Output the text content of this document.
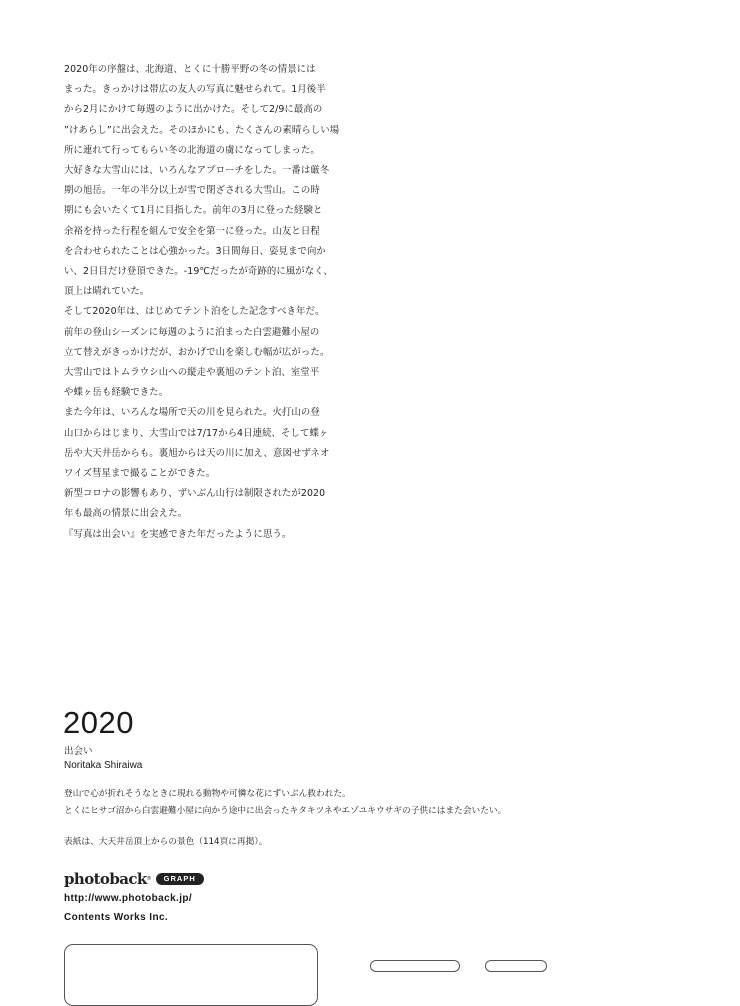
2020年の序盤は、北海道、とくに十勝平野の冬の情景には

まった。きっかけは帯広の友人の写真に魅せられて。1月後半

から2月にかけて毎週のように出かけた。そして2/9に最高の

”けあらし”に出会えた。そのほかにも、たくさんの素晴らしい場

所に連れて行ってもらい冬の北海道の虜になってしまった。

大好きな大雪山には、いろんなアプローチをした。一番は厳冬

期の旭岳。一年の半分以上が雪で閉ざされる大雪山。この時

期にも会いたくて1月に目指した。前年の3月に登った経験と

余裕を持った行程を組んで安全を第一に登った。山友と日程

を合わせられたことは心強かった。3日間毎日、姿見まで向か

い、2日目だけ登頂できた。-19℃だったが奇跡的に風がなく、

頂上は晴れていた。

そして2020年は、はじめてテント泊をした記念すべき年だ。

前年の登山シーズンに毎週のように泊まった白雲避難小屋の

立て替えがきっかけだが、おかげで山を楽しむ幅が広がった。

大雪山ではトムラウシ山への縦走や裏旭のテント泊、室堂平

や蝶ヶ岳も経験できた。

また今年は、いろんな場所で天の川を見られた。火打山の登

山口からはじまり、大雪山では7/17から4日連続、そして蝶ヶ

岳や大天井岳からも。裏旭からは天の川に加え、意図せずネオ

ワイズ彗星まで撮ることができた。

新型コロナの影響もあり、ずいぶん山行は制限されたが2020

年も最高の情景に出会えた。

『写真は出会い』を実感できた年だったように思う。

2020
出会い
Noritaka Shiraiwa

登山で心が折れそうなときに現れる動物や可憐な花にずいぶん救われた。

とくにヒサゴ沼から白雲避難小屋に向かう途中に出会ったキタキツネやエゾユキウサギの子供にはまた会いたい。

表紙は、大天井岳頂上からの景色（114頁に再掲）。
photoback ®	GRAPH
http://www.photoback.jp/
Contents Works Inc.
